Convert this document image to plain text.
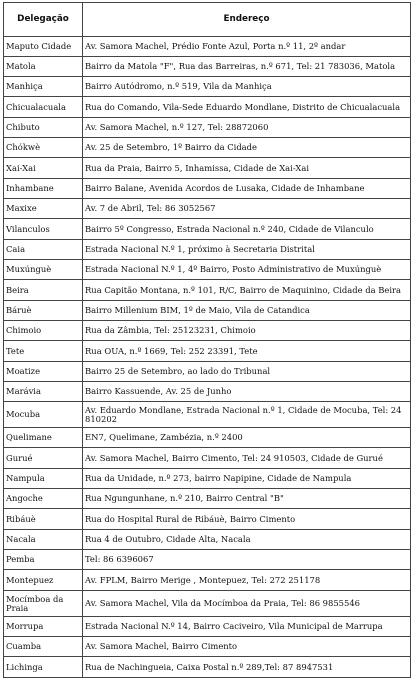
Delegação	Endereço
Maputo Cidade	Av. Samora Machel, Prédio Fonte Azul, Porta n.º 11, 2º andar
Matola	Bairro da Matola "F", Rua das Barreiras, n.º 671, Tel: 21 783036, Matola
Manhiça	Bairro Autódromo, n.º 519, Vila da Manhiça
Chicualacuala	Rua do Comando, Vila-Sede Eduardo Mondlane, Distrito de Chicualacuala
Chibuto	Av. Samora Machel, n.º 127, Tel: 28872060
Chókwè	Av. 25 de Setembro, 1º Bairro da Cidade
Xai-Xai	Rua da Praia, Bairro 5, Inhamissa, Cidade de Xai-Xai
Inhambane	Bairro Balane, Avenida Acordos de Lusaka, Cidade de Inhambane
Maxixe	Av. 7 de Abril, Tel: 86 3052567
Vilanculos	Bairro 5º Congresso, Estrada Nacional n.º 240, Cidade de Vilanculo
Caia	Estrada Nacional N.º 1, próximo à Secretaria Distrital
Muxúnguè	Estrada Nacional N.º 1, 4º Bairro, Posto Administrativo de Muxúnguè
Beira	Rua Capitão Montana, n.º 101, R/C, Bairro de Maquinino, Cidade da Beira
Báruè	Bairro Millenium BIM, 1º de Maio, Vila de Catandica
Chimoio	Rua da Zâmbia, Tel: 25123231, Chimoio
Tete	Rua OUA, n.º 1669, Tel: 252 23391, Tete
Moatize	Bairro 25 de Setembro, ao lado do Tribunal
Marávia	Bairro Kassuende, Av. 25 de Junho
Mocuba	Av. Eduardo Mondlane, Estrada Nacional n.º 1, Cidade de Mocuba, Tel: 24 810202
Quelimane	EN7, Quelimane, Zambézia, n.º 2400
Gurué	Av. Samora Machel, Bairro Cimento, Tel: 24 910503, Cidade de Gurué
Nampula	Rua da Unidade, n.º 273, bairro Napipine, Cidade de Nampula
Angoche	Rua Ngungunhane, n.º 210, Bairro Central "B"
Ribáuè	Rua do Hospital Rural de Ribáuè, Bairro Cimento
Nacala	Rua 4 de Outubro, Cidade Alta, Nacala
Pemba	Tel: 86 6396067
Montepuez	Av. FPLM, Bairro Merige , Montepuez, Tel: 272 251178
Mocímboa da Praia	Av. Samora Machel, Vila da Mocímboa da Praia, Tel: 86 9855546
Morrupa	Estrada Nacional N.º 14, Bairro Caciveiro, Vila Municipal de Marrupa
Cuamba	Av. Samora Machel, Bairro Cimento
Lichinga	Rua de Nachingueia, Caixa Postal n.º 289,Tel: 87 8947531
